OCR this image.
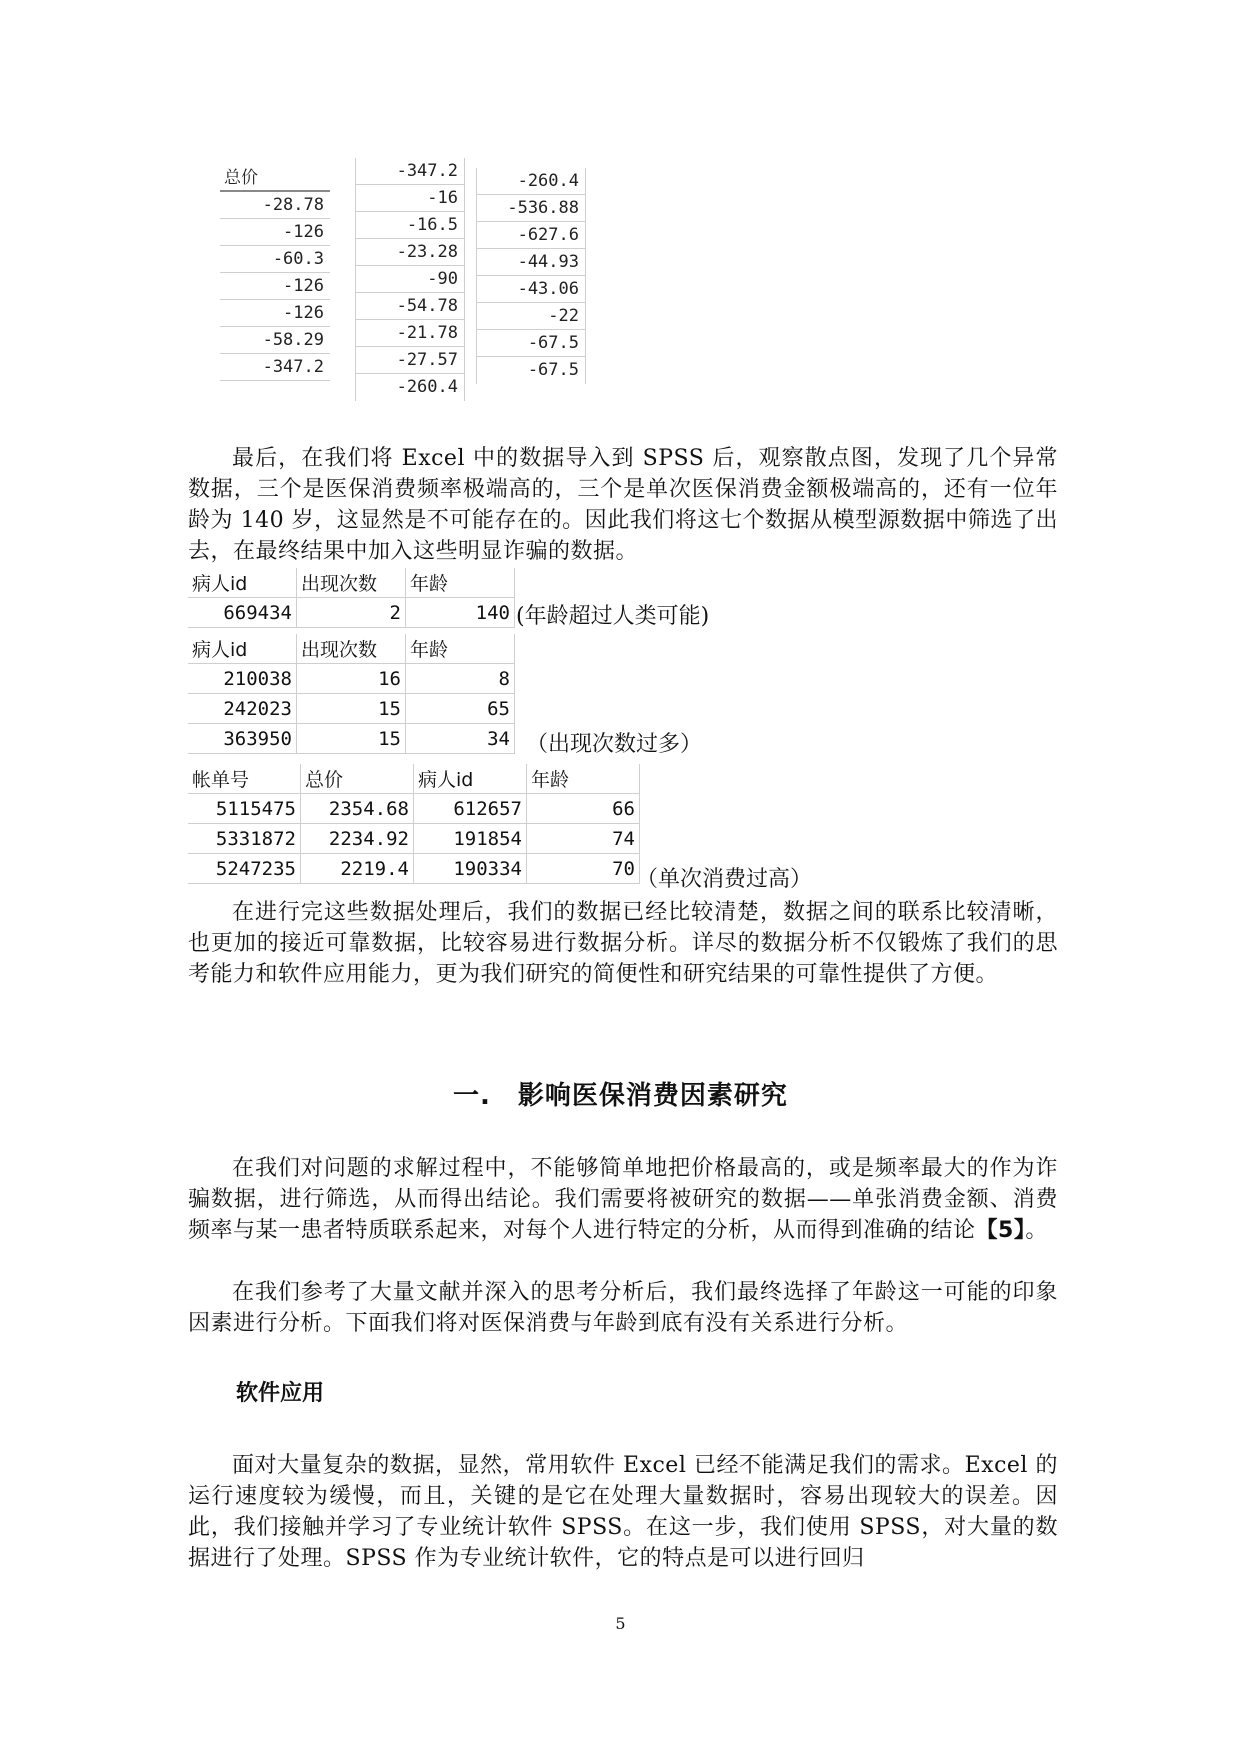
总价
-28.78
-126
-60.3
-126
-126
-58.29
-347.2
-347.2
-16
-16.5
-23.28
-90
-54.78
-21.78
-27.57
-260.4
-260.4
-536.88
-627.6
-44.93
-43.06
-22
-67.5
-67.5

最后，在我们将 Excel 中的数据导入到 SPSS 后，观察散点图，发现了几个异常数据，三个是医保消费频率极端高的，三个是单次医保消费金额极端高的，还有一位年龄为 140 岁，这显然是不可能存在的。因此我们将这七个数据从模型源数据中筛选了出去，在最终结果中加入这些明显诈骗的数据。

病人id	出现次数	年龄
669434	2	140 (年龄超过人类可能)
病人id	出现次数	年龄
210038	16	8
242023	15	65
363950	15	34 （出现次数过多）
帐单号	总价	病人id	年龄
5115475	2354.68	612657	66
5331872	2234.92	191854	74
5247235	2219.4	190334	70 （单次消费过高）

在进行完这些数据处理后，我们的数据已经比较清楚，数据之间的联系比较清晰，也更加的接近可靠数据，比较容易进行数据分析。详尽的数据分析不仅锻炼了我们的思考能力和软件应用能力，更为我们研究的简便性和研究结果的可靠性提供了方便。

一.　影响医保消费因素研究

在我们对问题的求解过程中，不能够简单地把价格最高的，或是频率最大的作为诈骗数据，进行筛选，从而得出结论。我们需要将被研究的数据——单张消费金额、消费频率与某一患者特质联系起来，对每个人进行特定的分析，从而得到准确的结论【5】。

在我们参考了大量文献并深入的思考分析后，我们最终选择了年龄这一可能的印象因素进行分析。下面我们将对医保消费与年龄到底有没有关系进行分析。

软件应用

面对大量复杂的数据，显然，常用软件 Excel 已经不能满足我们的需求。Excel 的运行速度较为缓慢，而且，关键的是它在处理大量数据时，容易出现较大的误差。因此，我们接触并学习了专业统计软件 SPSS。在这一步，我们使用 SPSS，对大量的数据进行了处理。SPSS 作为专业统计软件，它的特点是可以进行回归

5
